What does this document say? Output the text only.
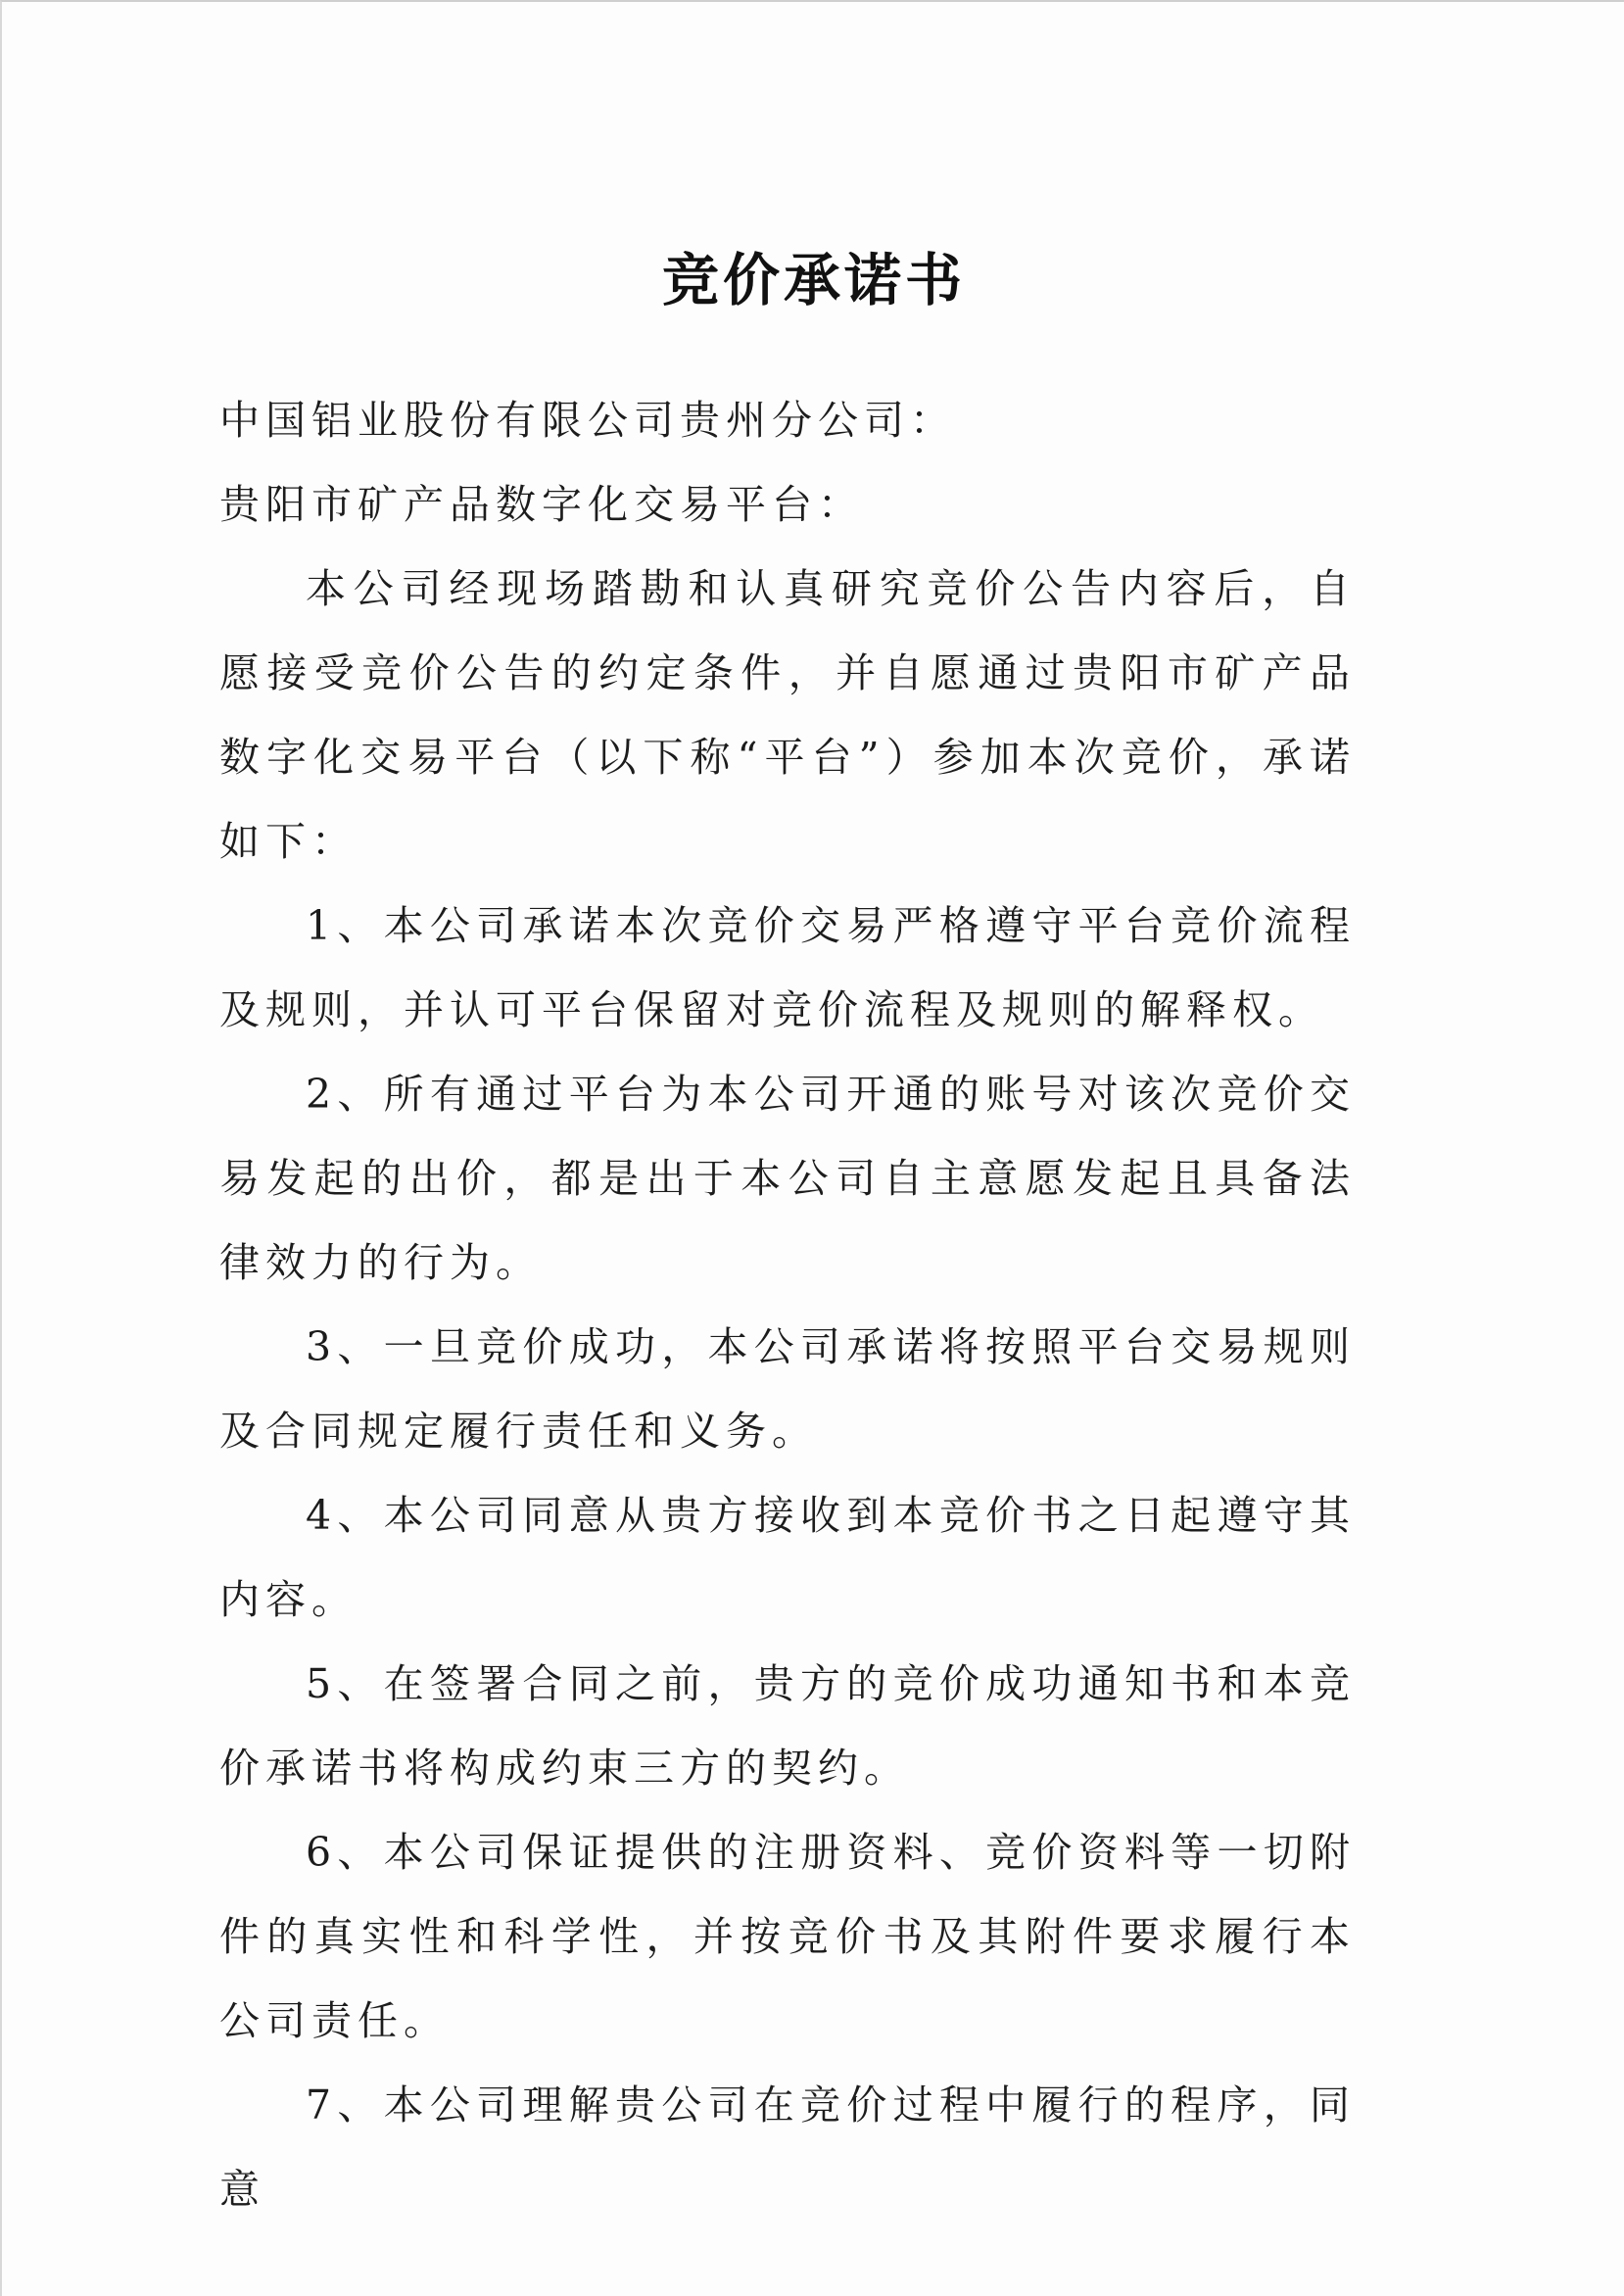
竞价承诺书

中国铝业股份有限公司贵州分公司：

贵阳市矿产品数字化交易平台：

本公司经现场踏勘和认真研究竞价公告内容后，自愿接受竞价公告的约定条件，并自愿通过贵阳市矿产品数字化交易平台（以下称“平台”）参加本次竞价，承诺如下：

1、本公司承诺本次竞价交易严格遵守平台竞价流程及规则，并认可平台保留对竞价流程及规则的解释权。

2、所有通过平台为本公司开通的账号对该次竞价交易发起的出价，都是出于本公司自主意愿发起且具备法律效力的行为。

3、一旦竞价成功，本公司承诺将按照平台交易规则及合同规定履行责任和义务。

4、本公司同意从贵方接收到本竞价书之日起遵守其内容。

5、在签署合同之前，贵方的竞价成功通知书和本竞价承诺书将构成约束三方的契约。

6、本公司保证提供的注册资料、竞价资料等一切附件的真实性和科学性，并按竞价书及其附件要求履行本公司责任。

7、本公司理解贵公司在竞价过程中履行的程序，同意
